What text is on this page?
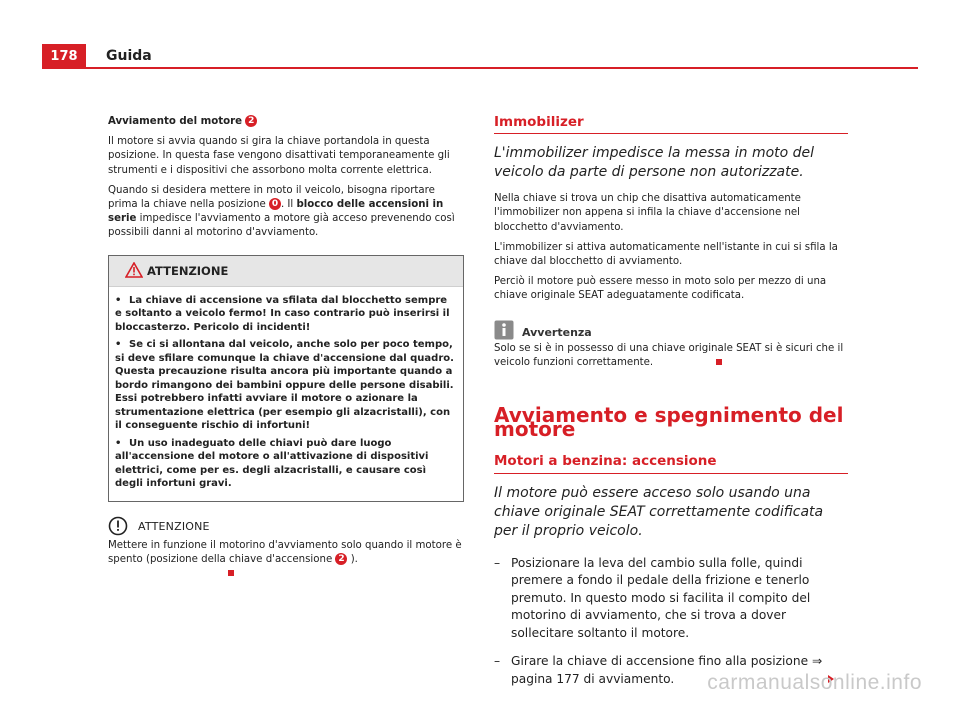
178	Guida

Avviamento del motore 2

Il motore si avvia quando si gira la chiave portandola in questa posizione. In questa fase vengono disattivati temporaneamente gli strumenti e i dispositivi che assorbono molta corrente elettrica.

Quando si desidera mettere in moto il veicolo, bisogna riportare prima la chiave nella posizione 0 . Il blocco delle accensioni in serie impedisce l'avviamento a motore già acceso prevenendo così possibili danni al motorino d'avviamento.

ATTENZIONE

• La chiave di accensione va sfilata dal blocchetto sempre e soltanto a veicolo fermo! In caso contrario può inserirsi il bloccasterzo. Pericolo di incidenti!

• Se ci si allontana dal veicolo, anche solo per poco tempo, si deve sfilare comunque la chiave d'accensione dal quadro. Questa precauzione risulta ancora più importante quando a bordo rimangono dei bambini oppure delle persone disabili. Essi potrebbero infatti avviare il motore o azionare la strumentazione elettrica (per esempio gli alzacristalli), con il conseguente rischio di infortuni!

• Un uso inadeguato delle chiavi può dare luogo all'accensione del motore o all'attivazione di dispositivi elettrici, come per es. degli alzacristalli, e causare così degli infortuni gravi.

ATTENZIONE

Mettere in funzione il motorino d'avviamento solo quando il motore è spento (posizione della chiave d'accensione 2 ).

Immobilizer

L'immobilizer impedisce la messa in moto del veicolo da parte di persone non autorizzate.

Nella chiave si trova un chip che disattiva automaticamente l'immobilizer non appena si infila la chiave d'accensione nel blocchetto d'avviamento.

L'immobilizer si attiva automaticamente nell'istante in cui si sfila la chiave dal blocchetto di avviamento.

Perciò il motore può essere messo in moto solo per mezzo di una chiave originale SEAT adeguatamente codificata.

Avvertenza

Solo se si è in possesso di una chiave originale SEAT si è sicuri che il veicolo funzioni correttamente.

Avviamento e spegnimento del motore

Motori a benzina: accensione

Il motore può essere acceso solo usando una chiave originale SEAT correttamente codificata per il proprio veicolo.

– Posizionare la leva del cambio sulla folle, quindi premere a fondo il pedale della frizione e tenerlo premuto. In questo modo si facilita il compito del motorino di avviamento, che si trova a dover sollecitare soltanto il motore.
– Girare la chiave di accensione fino alla posizione ⇒ pagina 177 di avviamento.	carmanualsonline.info
